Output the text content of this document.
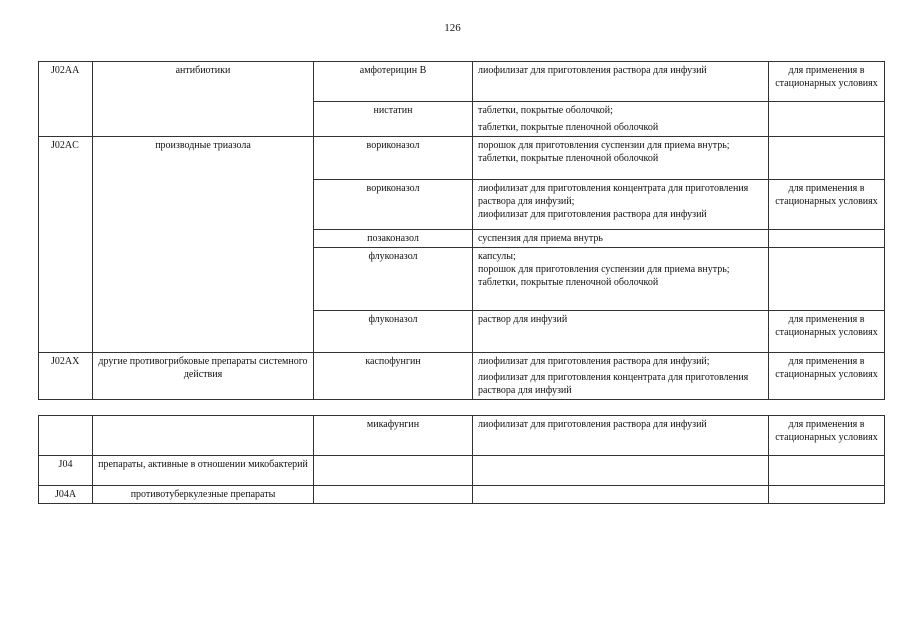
126
J02AA	антибиотики	амфотерицин В	лиофилизат для приготовления раствора для инфузий	для применения в стационарных условиях
		нистатин	таблетки, покрытые оболочкой;
таблетки, покрытые пленочной оболочкой	

J02AC	производные триазола	вориконазол	порошок для приготовления суспензии для приема внутрь;
таблетки, покрытые пленочной оболочкой	

		вориконазол	лиофилизат для приготовления концентрата для приготовления раствора для инфузий;
лиофилизат для приготовления раствора для инфузий	для применения в стационарных условиях
		позаконазол	суспензия для приема внутрь	

		флуконазол	капсулы;
порошок для приготовления суспензии для приема внутрь;
таблетки, покрытые пленочной оболочкой	

		флуконазол	раствор для инфузий	для применения в стационарных условиях
J02AX	другие противогрибковые препараты системного действия	каспофунгин	лиофилизат для приготовления раствора для инфузий;
лиофилизат для приготовления концентрата для приготовления раствора для инфузий	для применения в стационарных условиях
		микафунгин	лиофилизат для приготовления раствора для инфузий	для применения в стационарных условиях
J04	препараты, активные в отношении микобактерий		

J04A	противотуберкулезные препараты		
